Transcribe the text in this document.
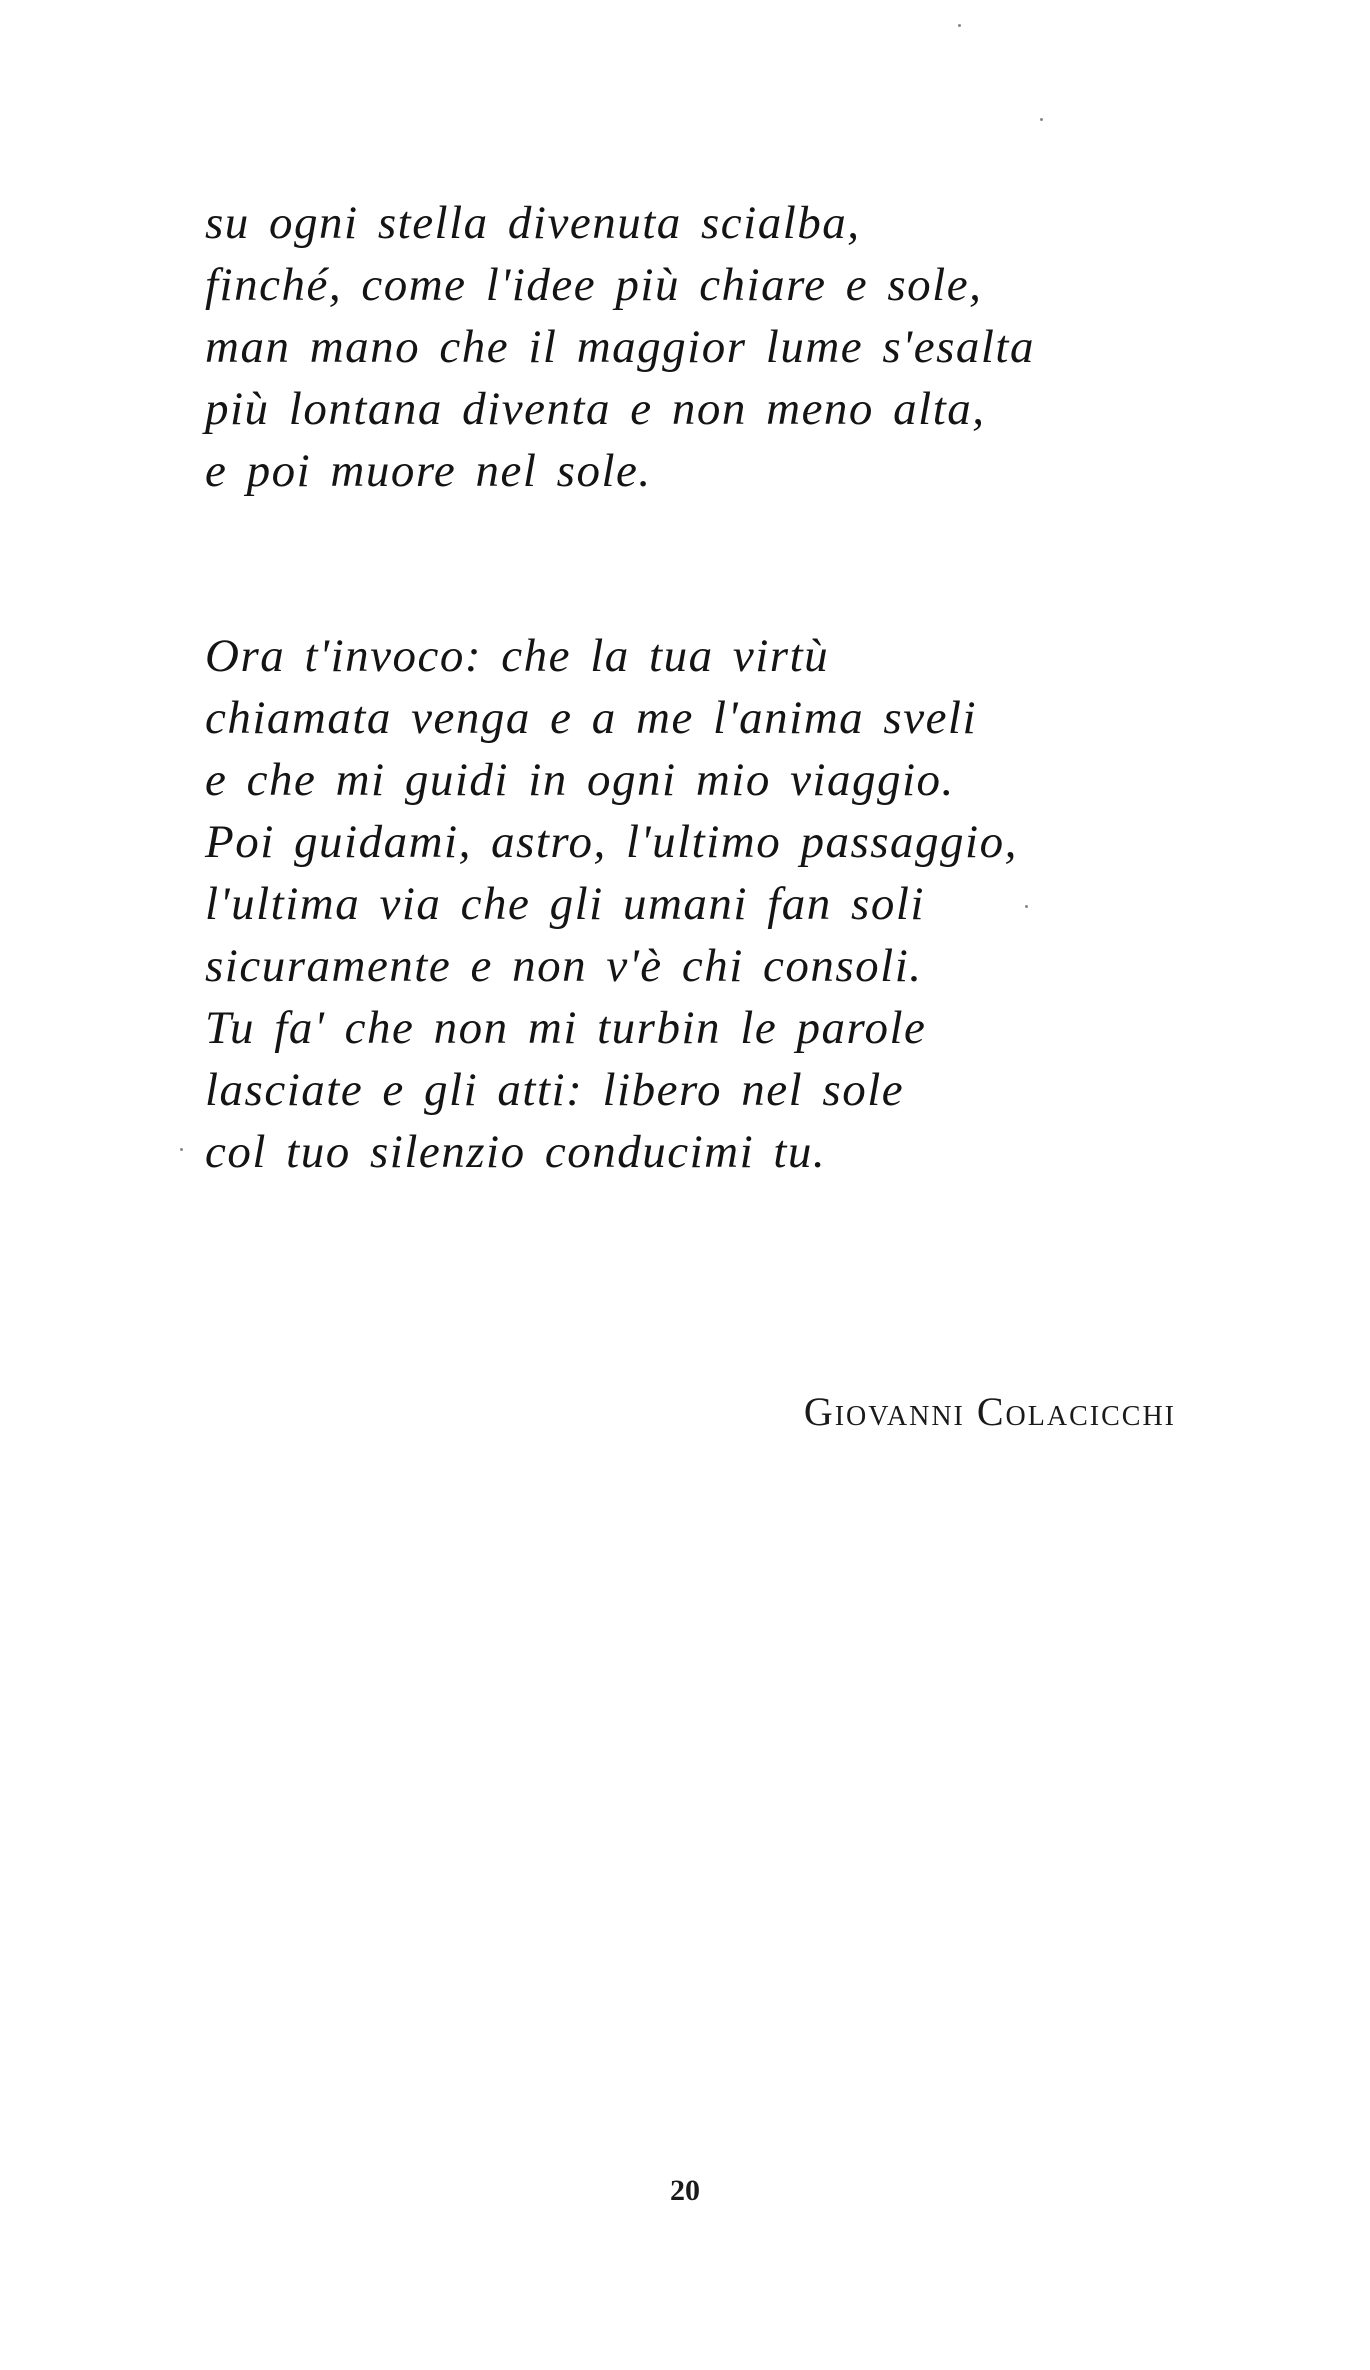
su ogni stella divenuta scialba,
finché, come l'idee più chiare e sole,
man mano che il maggior lume s'esalta
più lontana diventa e non meno alta,
e poi muore nel sole.
Ora t'invoco: che la tua virtù
chiamata venga e a me l'anima sveli
e che mi guidi in ogni mio viaggio.
Poi guidami, astro, l'ultimo passaggio,
l'ultima via che gli umani fan soli
sicuramente e non v'è chi consoli.
Tu fa' che non mi turbin le parole
lasciate e gli atti: libero nel sole
col tuo silenzio conducimi tu.
Giovanni Colacicchi
20
